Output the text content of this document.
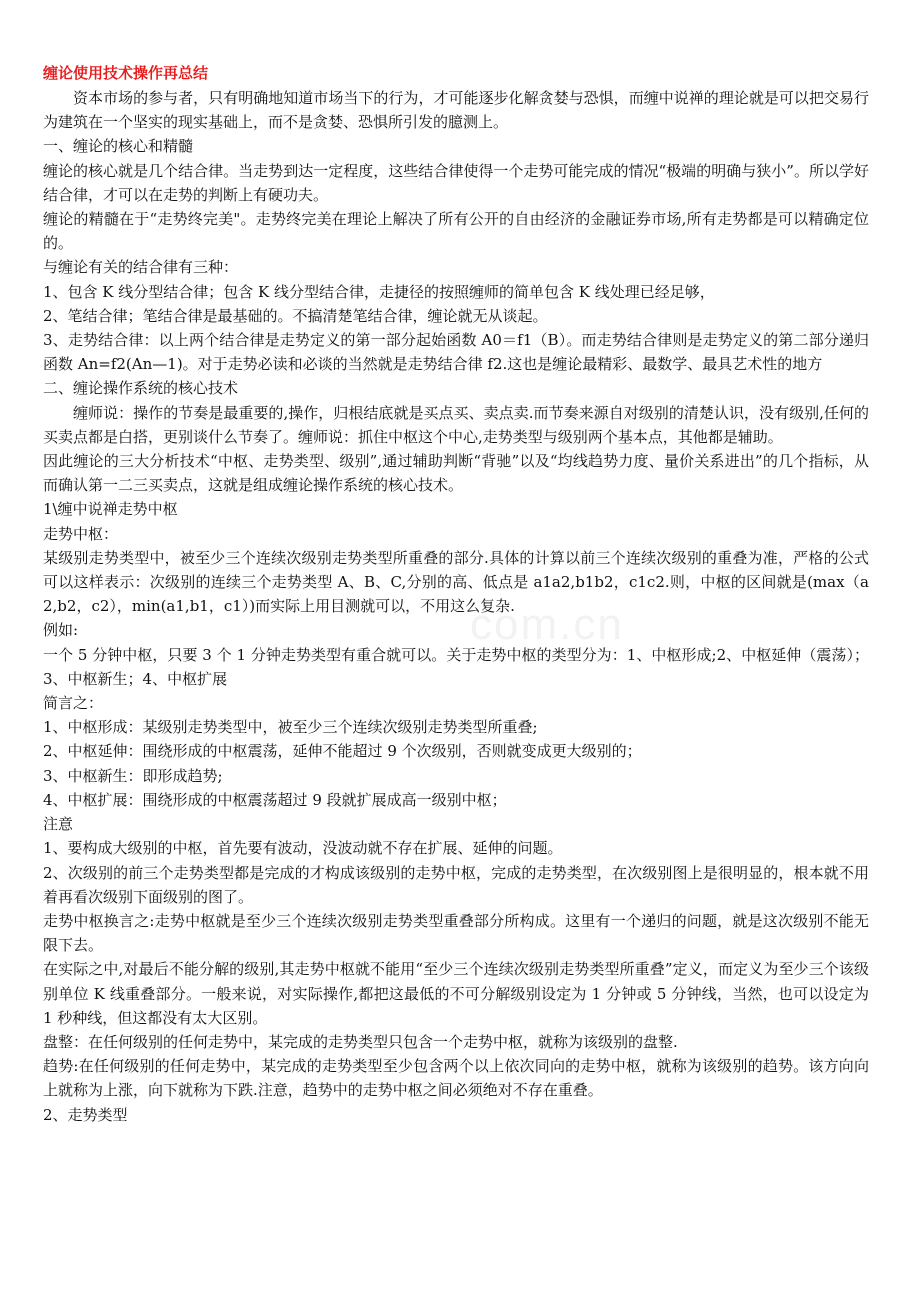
com.cn

缠论使用技术操作再总结

资本市场的参与者，只有明确地知道市场当下的行为，才可能逐步化解贪婪与恐惧，而缠中说禅的理论就是可以把交易行为建筑在一个坚实的现实基础上，而不是贪婪、恐惧所引发的臆测上。

一、缠论的核心和精髓

缠论的核心就是几个结合律。当走势到达一定程度，这些结合律使得一个走势可能完成的情况“极端的明确与狭小”。所以学好结合律，才可以在走势的判断上有硬功夫。

缠论的精髓在于“走势终完美"。走势终完美在理论上解决了所有公开的自由经济的金融证券市场,所有走势都是可以精确定位的。

与缠论有关的结合律有三种：

1、包含 K 线分型结合律；包含 K 线分型结合律，走捷径的按照缠师的简单包含 K 线处理已经足够，

2、笔结合律；笔结合律是最基础的。不搞清楚笔结合律，缠论就无从谈起。

3、走势结合律：以上两个结合律是走势定义的第一部分起始函数 A0＝f1（B）。而走势结合律则是走势定义的第二部分递归函数 An=f2(An—1)。对于走势必读和必谈的当然就是走势结合律 f2.这也是缠论最精彩、最数学、最具艺术性的地方

二、缠论操作系统的核心技术

缠师说：操作的节奏是最重要的,操作，归根结底就是买点买、卖点卖.而节奏来源自对级别的清楚认识，没有级别,任何的买卖点都是白搭，更别谈什么节奏了。缠师说：抓住中枢这个中心,走势类型与级别两个基本点，其他都是辅助。

因此缠论的三大分析技术“中枢、走势类型、级别”,通过辅助判断“背驰”以及“均线趋势力度、量价关系进出”的几个指标，从而确认第一二三买卖点，这就是组成缠论操作系统的核心技术。

1\缠中说禅走势中枢

走势中枢：

某级别走势类型中，被至少三个连续次级别走势类型所重叠的部分.具体的计算以前三个连续次级别的重叠为准，严格的公式可以这样表示：次级别的连续三个走势类型 A、B、C,分别的高、低点是 a1a2,b1b2，c1c2.则，中枢的区间就是(max（a2,b2，c2），min(a1,b1，c1）)而实际上用目测就可以，不用这么复杂.

例如:

一个 5 分钟中枢，只要 3 个 1 分钟走势类型有重合就可以。关于走势中枢的类型分为：1、中枢形成;2、中枢延伸（震荡）；3、中枢新生；4、中枢扩展

简言之：

1、中枢形成：某级别走势类型中，被至少三个连续次级别走势类型所重叠;

2、中枢延伸：围绕形成的中枢震荡，延伸不能超过 9 个次级别，否则就变成更大级别的；

3、中枢新生：即形成趋势;

4、中枢扩展：围绕形成的中枢震荡超过 9 段就扩展成高一级别中枢；

注意

1、要构成大级别的中枢，首先要有波动，没波动就不存在扩展、延伸的问题。

2、次级别的前三个走势类型都是完成的才构成该级别的走势中枢，完成的走势类型，在次级别图上是很明显的，根本就不用着再看次级别下面级别的图了。

走势中枢换言之:走势中枢就是至少三个连续次级别走势类型重叠部分所构成。这里有一个递归的问题，就是这次级别不能无限下去。

在实际之中,对最后不能分解的级别,其走势中枢就不能用“至少三个连续次级别走势类型所重叠”定义，而定义为至少三个该级别单位 K 线重叠部分。一般来说，对实际操作,都把这最低的不可分解级别设定为 1 分钟或 5 分钟线，当然，也可以设定为 1 秒种线，但这都没有太大区别。

盘整：在任何级别的任何走势中，某完成的走势类型只包含一个走势中枢，就称为该级别的盘整.

趋势:在任何级别的任何走势中，某完成的走势类型至少包含两个以上依次同向的走势中枢，就称为该级别的趋势。该方向向上就称为上涨，向下就称为下跌.注意，趋势中的走势中枢之间必须绝对不存在重叠。

2、走势类型
